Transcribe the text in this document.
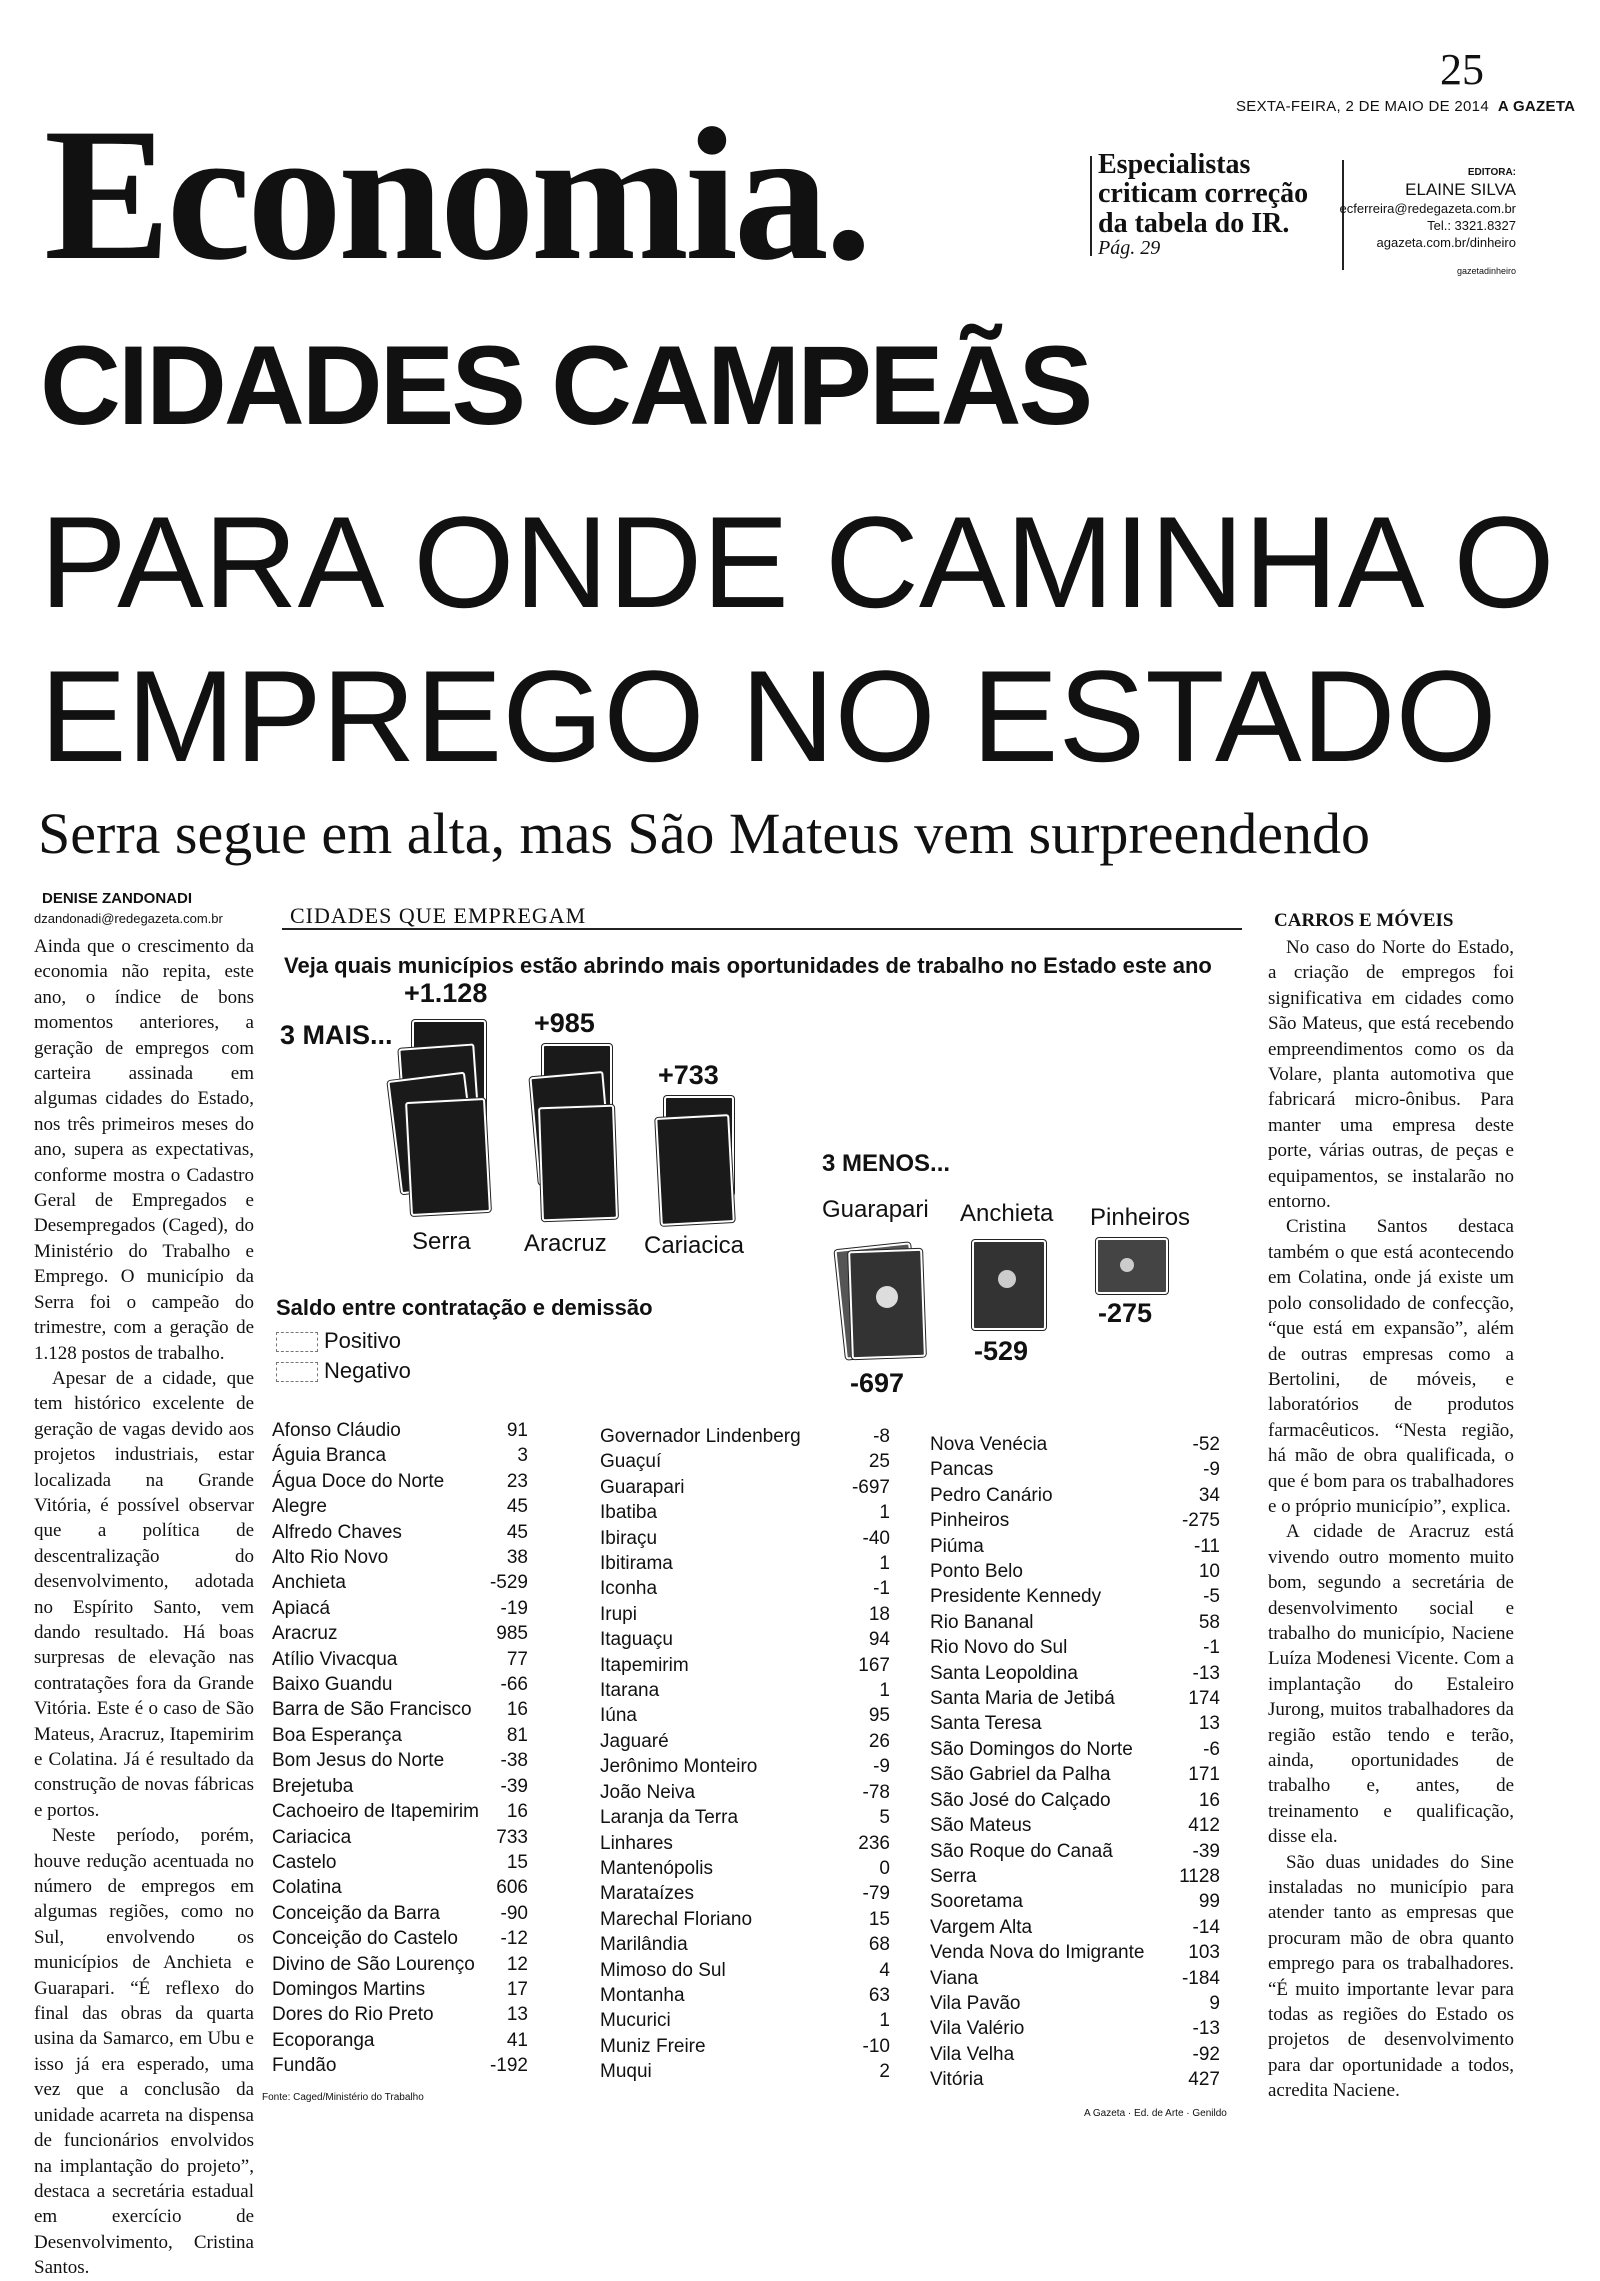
25
SEXTA-FEIRA, 2 DE MAIO DE 2014 A GAZETA
Economia.	Especialistas criticam correção da tabela do IR.
Pág. 29
EDITORA:
ELAINE SILVA
ecferreira@redegazeta.com.br
Tel.: 3321.8327
agazeta.com.br/dinheiro
gazetadinheiro
CIDADES CAMPEÃS
PARA ONDE CAMINHA O
EMPREGO NO ESTADO
Serra segue em alta, mas São Mateus vem surpreendendo
DENISE ZANDONADI
dzandonadi@redegazeta.com.br

Ainda que o crescimento da economia não repita, este ano, o índice de bons momentos anteriores, a geração de empregos com carteira assinada em algumas cidades do Estado, nos três primeiros meses do ano, supera as expectativas, conforme mostra o Cadastro Geral de Empregados e Desempregados (Caged), do Ministério do Trabalho e Emprego. O município da Serra foi o campeão do trimestre, com a geração de 1.128 postos de trabalho.

Apesar de a cidade, que tem histórico excelente de geração de vagas devido aos projetos industriais, estar localizada na Grande Vitória, é possível observar que a política de descentralização do desenvolvimento, adotada no Espírito Santo, vem dando resultado. Há boas surpresas de elevação nas contratações fora da Grande Vitória. Este é o caso de São Mateus, Aracruz, Itapemirim e Colatina. Já é resultado da construção de novas fábricas e portos.

Neste período, porém, houve redução acentuada no número de empregos em algumas regiões, como no Sul, envolvendo os municípios de Anchieta e Guarapari. “É reflexo do final das obras da quarta usina da Samarco, em Ubu e isso já era esperado, uma vez que a conclusão da unidade acarreta na dispensa de funcionários envolvidos na implantação do projeto”, destaca a secretária estadual em exercício de Desenvolvimento, Cristina Santos.

CARROS E MÓVEIS

No caso do Norte do Estado, a criação de empregos foi significativa em cidades como São Mateus, que está recebendo empreendimentos como os da Volare, planta automotiva que fabricará micro-ônibus. Para manter uma empresa deste porte, várias outras, de peças e equipamentos, se instalarão no entorno.

Cristina Santos destaca também o que está acontecendo em Colatina, onde já existe um polo consolidado de confecção, “que está em expansão”, além de outras empresas como a Bertolini, de móveis, e laboratórios de produtos farmacêuticos. “Nesta região, há mão de obra qualificada, o que é bom para os trabalhadores e o próprio município”, explica.

A cidade de Aracruz está vivendo outro momento muito bom, segundo a secretária de desenvolvimento social e trabalho do município, Naciene Luíza Modenesi Vicente. Com a implantação do Estaleiro Jurong, muitos trabalhadores da região estão tendo e terão, ainda, oportunidades de trabalho e, antes, de treinamento e qualificação, disse ela.

São duas unidades do Sine instaladas no município para atender tanto as empresas que procuram mão de obra quanto emprego para os trabalhadores. “É muito importante levar para todas as regiões do Estado os projetos de desenvolvimento para dar oportunidade a todos, acredita Naciene.

CIDADES QUE EMPREGAM
Veja quais municípios estão abrindo mais oportunidades de trabalho no Estado este ano
3 MAIS...
+1.128
+985
+733
Serra Aracruz Cariacica
3 MENOS...
Guarapari Anchieta Pinheiros
-697
-529
-275
Saldo entre contratação e demissão
Positivo
Negativo
Afonso Cláudio	91
Águia Branca	3
Água Doce do Norte	23
Alegre	45
Alfredo Chaves	45
Alto Rio Novo	38
Anchieta	-529
Apiacá	-19
Aracruz	985
Atílio Vivacqua	77
Baixo Guandu	-66
Barra de São Francisco 16
Boa Esperança	81
Bom Jesus do Norte	-38
Brejetuba	-39
Cachoeiro de Itapemirim 16
Cariacica	733
Castelo	15
Colatina	606
Conceição da Barra	-90
Conceição do Castelo -12
Divino de São Lourenço 12
Domingos Martins	17
Dores do Rio Preto	13
Ecoporanga	41
Fundão	-192
Governador Lindenberg	-8
Guaçuí	25
Guarapari	-697
Ibatiba	1
Ibiraçu	-40
Ibitirama	1
Iconha	-1
Irupi	18
Itaguaçu	94
Itapemirim	167
Itarana	1
Iúna	95
Jaguaré	26
Jerônimo Monteiro	-9
João Neiva	-78
Laranja da Terra	5
Linhares	236
Mantenópolis	0
Marataízes	-79
Marechal Floriano	15
Marilândia	68
Mimoso do Sul	4
Montanha	63
Mucurici	1
Muniz Freire	-10
Muqui	2
Nova Venécia	-52
Pancas	-9
Pedro Canário	34
Pinheiros	-275
Piúma	-11
Ponto Belo	10
Presidente Kennedy	-5
Rio Bananal	58
Rio Novo do Sul	-1
Santa Leopoldina	-13
Santa Maria de Jetibá	174
Santa Teresa	13
São Domingos do Norte	-6
São Gabriel da Palha	171
São José do Calçado	16
São Mateus	412
São Roque do Canaã	-39
Serra	1128
Sooretama	99
Vargem Alta	-14
Venda Nova do Imigrante 103
Viana	-184
Vila Pavão	9
Vila Valério	-13
Vila Velha	-92
Vitória	427
Fonte: Caged/Ministério do Trabalho
A Gazeta · Ed. de Arte · Genildo
